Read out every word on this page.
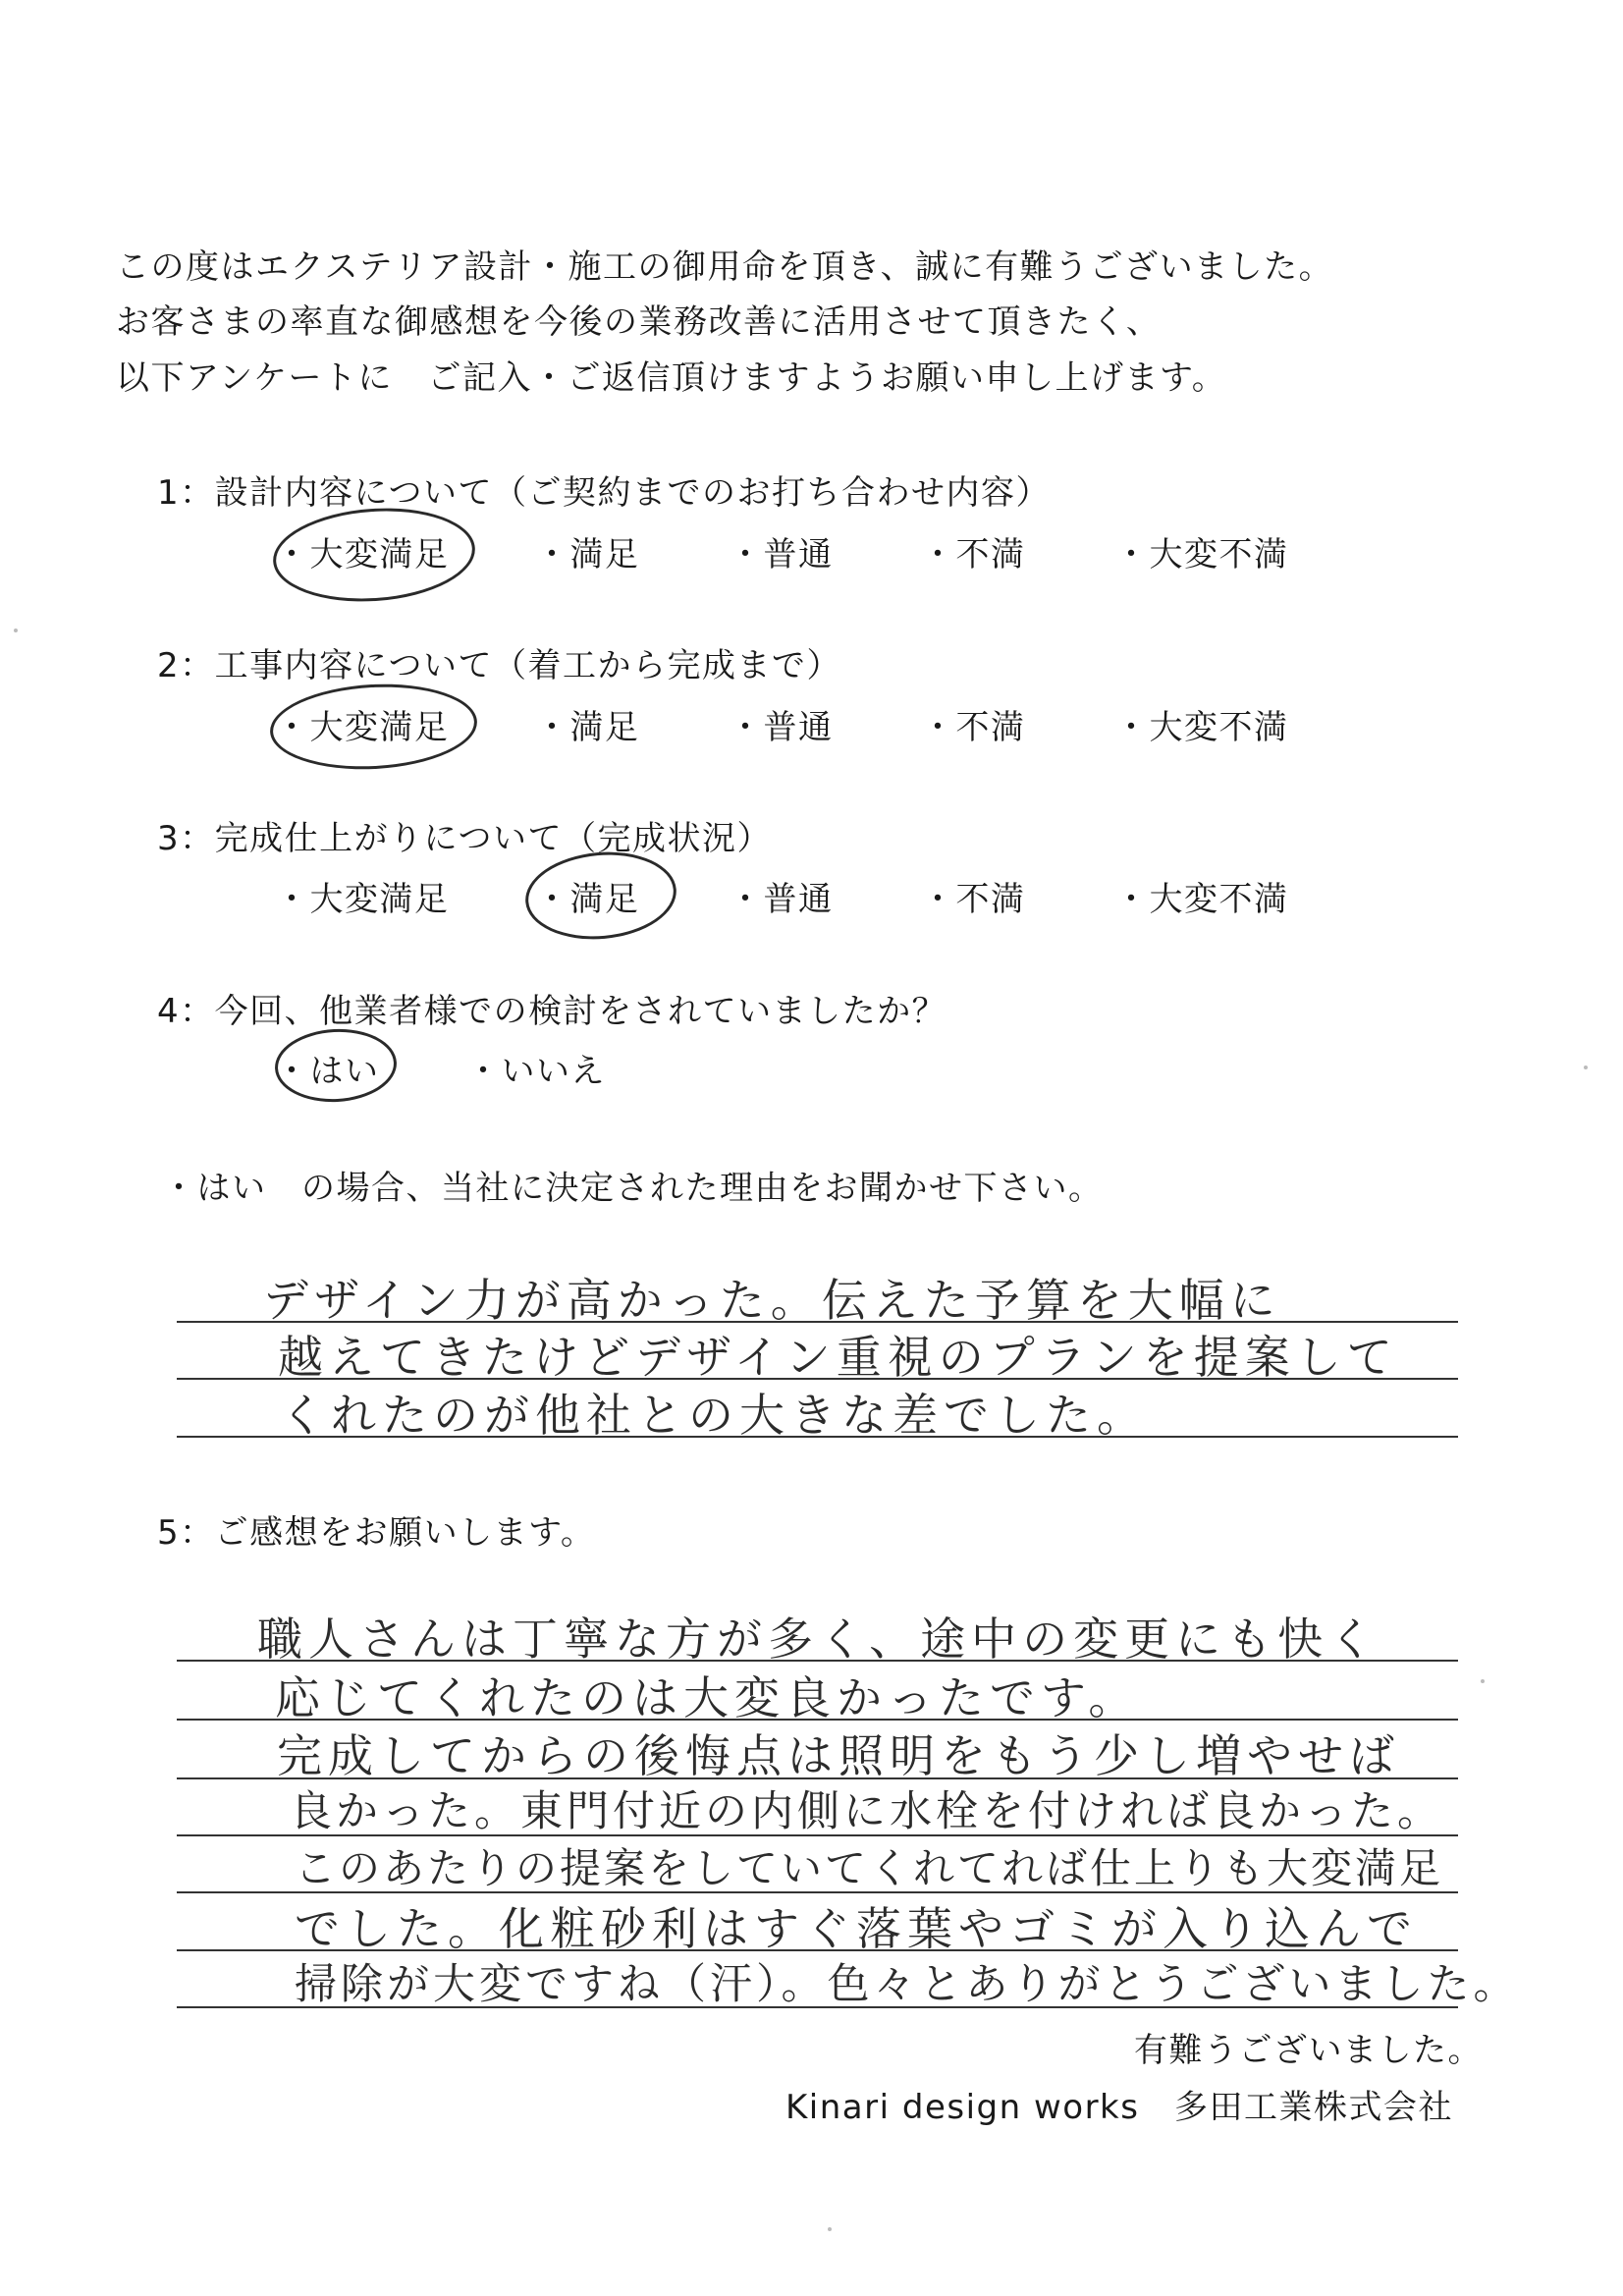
この度はエクステリア設計・施工の御用命を頂き、誠に有難うございました。

お客さまの率直な御感想を今後の業務改善に活用させて頂きたく、

以下アンケートに　ご記入・ご返信頂けますようお願い申し上げます。

1：設計内容について（ご契約までのお打ち合わせ内容）

・大変満足	・満足	・普通	・不満	・大変不満

2：工事内容について（着工から完成まで）

・大変満足	・満足	・普通	・不満	・大変不満

3：完成仕上がりについて（完成状況）

・大変満足	・満足	・普通	・不満	・大変不満

4：今回、他業者様での検討をされていましたか？

・はい	・いいえ

・はい　の場合、当社に決定された理由をお聞かせ下さい。

デザイン力が高かった。伝えた予算を大幅に
越えてきたけどデザイン重視のプランを提案して
くれたのが他社との大きな差でした。

5：ご感想をお願いします。

職人さんは丁寧な方が多く、途中の変更にも快く
応じてくれたのは大変良かったです。
完成してからの後悔点は照明をもう少し増やせば
良かった。東門付近の内側に水栓を付ければ良かった。
このあたりの提案をしていてくれてれば仕上りも大変満足
でした。化粧砂利はすぐ落葉やゴミが入り込んで
掃除が大変ですね（汗）。色々とありがとうございました。
有難うございました。
Kinari design works　多田工業株式会社
